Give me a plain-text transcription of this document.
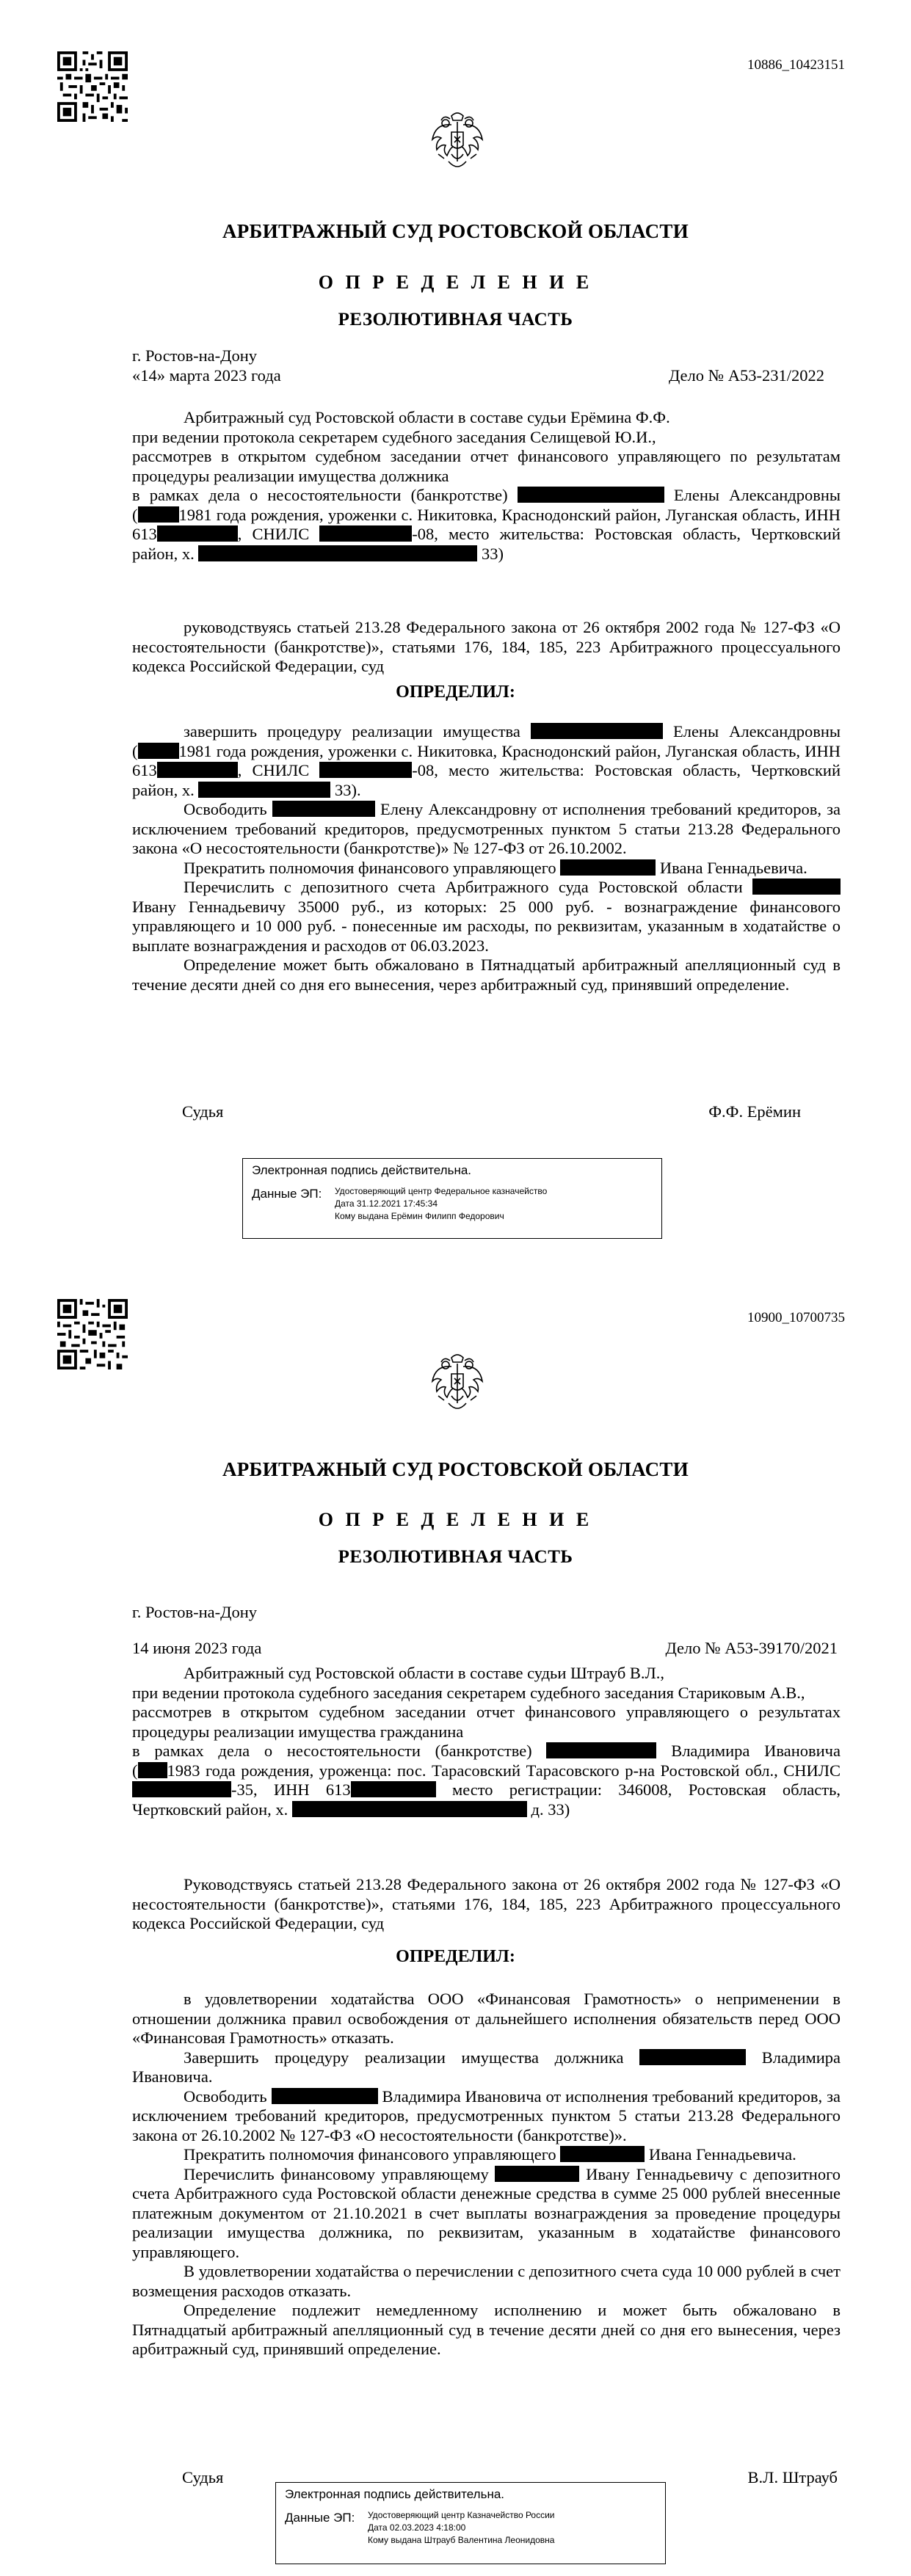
10886_10423151
АРБИТРАЖНЫЙ СУД РОСТОВСКОЙ ОБЛАСТИ
О П Р Е Д Е Л Е Н И Е
РЕЗОЛЮТИВНАЯ ЧАСТЬ
г. Ростов-на-Дону
«14» марта 2023 года	Дело № А53-231/2022

Арбитражный суд Ростовской области в составе судьи Ерёмина Ф.Ф.

при ведении протокола секретарем судебного заседания Селищевой Ю.И.,

рассмотрев в открытом судебном заседании отчет финансового управляющего по результатам процедуры реализации имущества должника

в рамках дела о несостоятельности (банкротстве)	Елены Александровны

( 1981 года рождения, уроженки с. Никитовка, Краснодонский район, Луганская область, ИНН 613	, СНИЛС	-08, место жительства: Ростовская область, Чертковский район, х.	33)

руководствуясь статьей 213.28 Федерального закона от 26 октября 2002 года № 127-ФЗ «О несостоятельности (банкротстве)», статьями 176, 184, 185, 223 Арбитражного процессуального кодекса Российской Федерации, суд

ОПРЕДЕЛИЛ:

завершить процедуру реализации имущества	Елены Александровны

( 1981 года рождения, уроженки с. Никитовка, Краснодонский район, Луганская область, ИНН 613	, СНИЛС	-08, место жительства: Ростовская область, Чертковский район, х.	33).

Освободить	Елену Александровну от исполнения требований кредиторов, за исключением требований кредиторов, предусмотренных пунктом 5 статьи 213.28 Федерального закона «О несостоятельности (банкротстве)» № 127-ФЗ от 26.10.2002.

Прекратить полномочия финансового управляющего	Ивана Геннадьевича.

Перечислить с депозитного счета Арбитражного суда Ростовской области  Ивану Геннадьевичу 35000 руб., из которых: 25 000 руб. - вознаграждение финансового управляющего и 10 000 руб. - понесенные им расходы, по реквизитам, указанным в ходатайстве о выплате вознаграждения и расходов от 06.03.2023.

Определение может быть обжаловано в Пятнадцатый арбитражный апелляционный суд в течение десяти дней со дня его вынесения, через арбитражный суд, принявший определение.

Судья	Ф.Ф. Ерёмин
Электронная подпись действительна.
Данные ЭП: Удостоверяющий центр Федеральное казначейство
Дата 31.12.2021 17:45:34
Кому выдана Ерёмин Филипп Федорович
10900_10700735
АРБИТРАЖНЫЙ СУД РОСТОВСКОЙ ОБЛАСТИ
О П Р Е Д Е Л Е Н И Е
РЕЗОЛЮТИВНАЯ ЧАСТЬ
г. Ростов-на-Дону
14 июня 2023 года	Дело № А53-39170/2021

Арбитражный суд Ростовской области в составе судьи Штрауб В.Л.,

при ведении протокола судебного заседания секретарем судебного заседания Стариковым А.В.,

рассмотрев в открытом судебном заседании отчет финансового управляющего о результатах процедуры реализации имущества гражданина

в рамках дела о несостоятельности (банкротстве)	Владимира Ивановича

( 1983 года рождения, уроженца: пос. Тарасовский Тарасовского р-на Ростовской обл., СНИЛС-35, ИНН 613	место регистрации: 346008, Ростовская область, Чертковский район, х.	д. 33)

Руководствуясь статьей 213.28 Федерального закона от 26 октября 2002 года № 127-ФЗ «О несостоятельности (банкротстве)», статьями 176, 184, 185, 223 Арбитражного процессуального кодекса Российской Федерации, суд

ОПРЕДЕЛИЛ:

в удовлетворении ходатайства ООО «Финансовая Грамотность» о неприменении в отношении должника правил освобождения от дальнейшего исполнения обязательств перед ООО «Финансовая Грамотность» отказать.

Завершить процедуру реализации имущества должника	Владимира Ивановича.

Освободить	Владимира Ивановича от исполнения требований кредиторов, за исключением требований кредиторов, предусмотренных пунктом 5 статьи 213.28 Федерального закона от 26.10.2002 № 127-ФЗ «О несостоятельности (банкротстве)».

Прекратить полномочия финансового управляющего	Ивана Геннадьевича.

Перечислить финансовому управляющему	Ивану Геннадьевичу с депозитного счета Арбитражного суда Ростовской области денежные средства в сумме 25 000 рублей внесенные платежным документом от 21.10.2021 в счет выплаты вознаграждения за проведение процедуры реализации имущества должника, по реквизитам, указанным в ходатайстве финансового управляющего.

В удовлетворении ходатайства о перечислении с депозитного счета суда 10 000 рублей в счет возмещения расходов отказать.

Определение подлежит немедленному исполнению и может быть обжаловано в Пятнадцатый арбитражный апелляционный суд в течение десяти дней со дня его вынесения, через арбитражный суд, принявший определение.

Судья	В.Л. Штрауб
Электронная подпись действительна.
Данные ЭП: Удостоверяющий центр Казначейство России
Дата 02.03.2023 4:18:00
Кому выдана Штрауб Валентина Леонидовна
